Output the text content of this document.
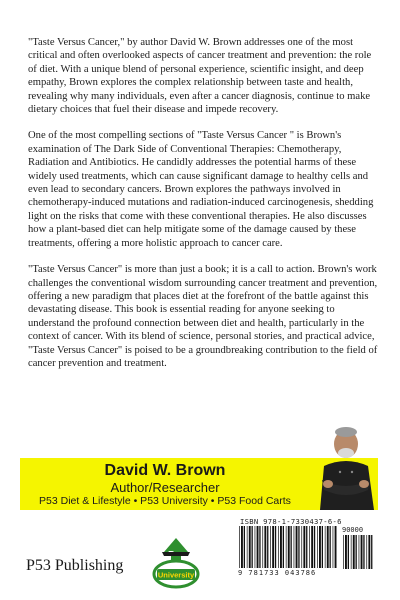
"Taste Versus Cancer," by author David W. Brown addresses one of the most critical and often overlooked aspects of cancer treatment and prevention: the role of diet. With a unique blend of personal experience, scientific insight, and deep empathy, Brown explores the complex relationship between taste and health, revealing why many individuals, even after a cancer diagnosis, continue to make dietary choices that fuel their disease and impede recovery.

One of the most compelling sections of "Taste Versus Cancer " is Brown's examination of The Dark Side of Conventional Therapies: Chemotherapy, Radiation and Antibiotics. He candidly addresses the potential harms of these widely used treatments, which can cause significant damage to healthy cells and even lead to secondary cancers. Brown explores the pathways involved in chemotherapy-induced mutations and radiation-induced carcinogenesis, shedding light on the risks that come with these conventional therapies. He also discusses how a plant-based diet can help mitigate some of the damage caused by these treatments, offering a more holistic approach to cancer care.

"Taste Versus Cancer" is more than just a book; it is a call to action. Brown's work challenges the conventional wisdom surrounding cancer treatment and prevention, offering a new paradigm that places diet at the forefront of the battle against this devastating disease. This book is essential reading for anyone seeking to understand the profound connection between diet and health, particularly in the context of cancer. With its blend of science, personal stories, and practical advice, "Taste Versus Cancer" is poised to be a groundbreaking contribution to the field of cancer prevention and treatment.

David W. Brown
Author/Researcher
P53 Diet & Lifestyle • P53 University • P53 Food Carts
P53 Publishing
University
ISBN 978-1-7330437-6-6
90000
9 781733 043786
